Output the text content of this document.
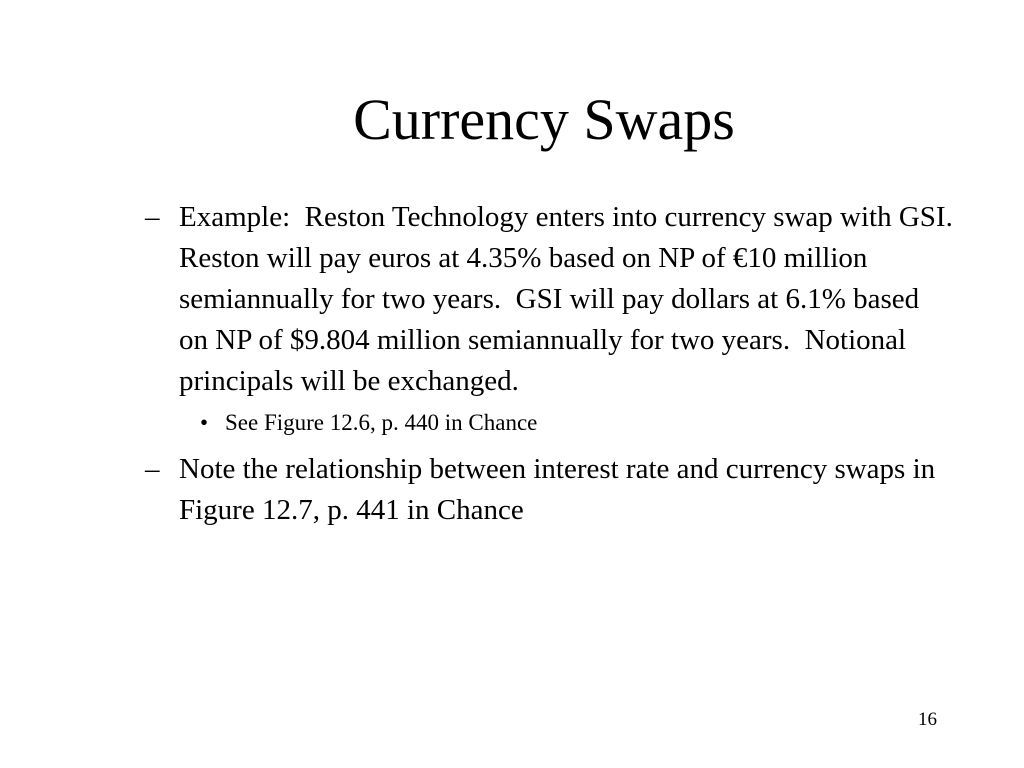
Currency Swaps
– Example:  Reston Technology enters into currency swap with GSI.  Reston will pay euros at 4.35% based on NP of €10 million semiannually for two years.  GSI will pay dollars at 6.1% based on NP of $9.804 million semiannually for two years.  Notional principals will be exchanged.
• See Figure 12.6, p. 440 in Chance
– Note the relationship between interest rate and currency swaps in Figure 12.7, p. 441 in Chance
16
